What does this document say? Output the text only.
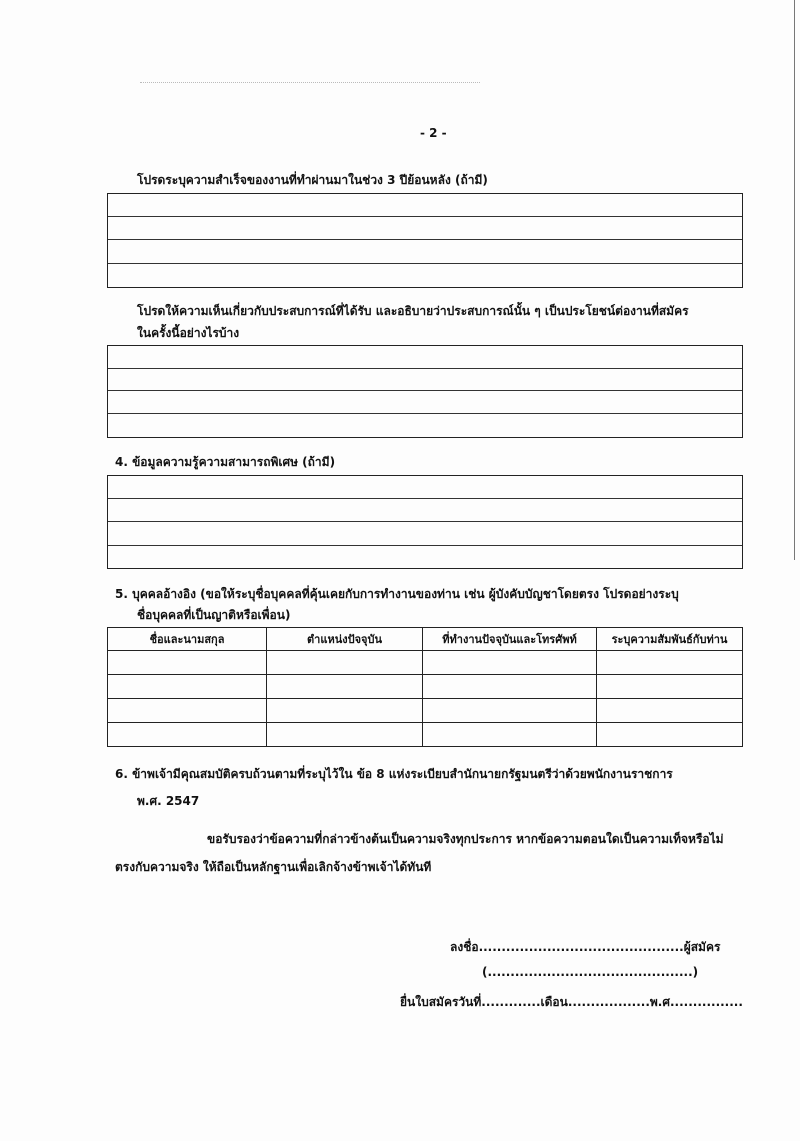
- 2 -
โปรดระบุความสำเร็จของงานที่ทำผ่านมาในช่วง 3 ปีย้อนหลัง (ถ้ามี)
โปรดให้ความเห็นเกี่ยวกับประสบการณ์ที่ได้รับ และอธิบายว่าประสบการณ์นั้น ๆ เป็นประโยชน์ต่องานที่สมัคร
ในครั้งนี้อย่างไรบ้าง
4. ข้อมูลความรู้ความสามารถพิเศษ (ถ้ามี)
5. บุคคลอ้างอิง (ขอให้ระบุชื่อบุคคลที่คุ้นเคยกับการทำงานของท่าน เช่น ผู้บังคับบัญชาโดยตรง โปรดอย่างระบุ
ชื่อบุคคลที่เป็นญาติหรือเพื่อน)
ชื่อและนามสกุล	ตำแหน่งปัจจุบัน	ที่ทำงานปัจจุบันและโทรศัพท์	ระบุความสัมพันธ์กับท่าน

6. ข้าพเจ้ามีคุณสมบัติครบถ้วนตามที่ระบุไว้ใน ข้อ 8 แห่งระเบียบสำนักนายกรัฐมนตรีว่าด้วยพนักงานราชการ
พ.ศ. 2547
ขอรับรองว่าข้อความที่กล่าวข้างต้นเป็นความจริงทุกประการ หากข้อความตอนใดเป็นความเท็จหรือไม่
ตรงกับความจริง ให้ถือเป็นหลักฐานเพื่อเลิกจ้างข้าพเจ้าได้ทันที
ลงชื่อ.............................................ผู้สมัคร
(.............................................)
ยื่นใบสมัครวันที่.............เดือน..................พ.ศ................
